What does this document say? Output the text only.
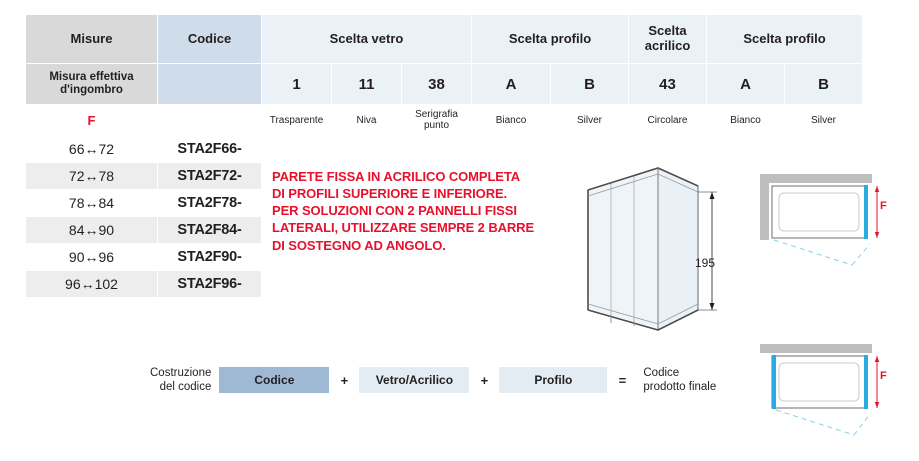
Misure	Codice	Scelta vetro			Scelta profilo		Scelta acrilico	Scelta profilo	
Misura effettiva d'ingombro		1	11	38	A	B	43	A	B
F		Trasparente	Niva	Serigrafia punto	Bianco	Silver	Circolare	Bianco	Silver
66↔72	STA2F66-								
72↔78	STA2F72-								
78↔84	STA2F78-								
84↔90	STA2F84-								
90↔96	STA2F90-								
96↔102	STA2F96-								
PARETE FISSA IN ACRILICO COMPLETA
DI PROFILI SUPERIORE E INFERIORE.
PER SOLUZIONI CON 2 PANNELLI FISSI
LATERALI, UTILIZZARE SEMPRE 2 BARRE
DI SOSTEGNO AD ANGOLO.
195
F
F
Costruzione
del codice	Codice	+	Vetro/Acrilico	+	Profilo	=	Codice
prodotto finale
